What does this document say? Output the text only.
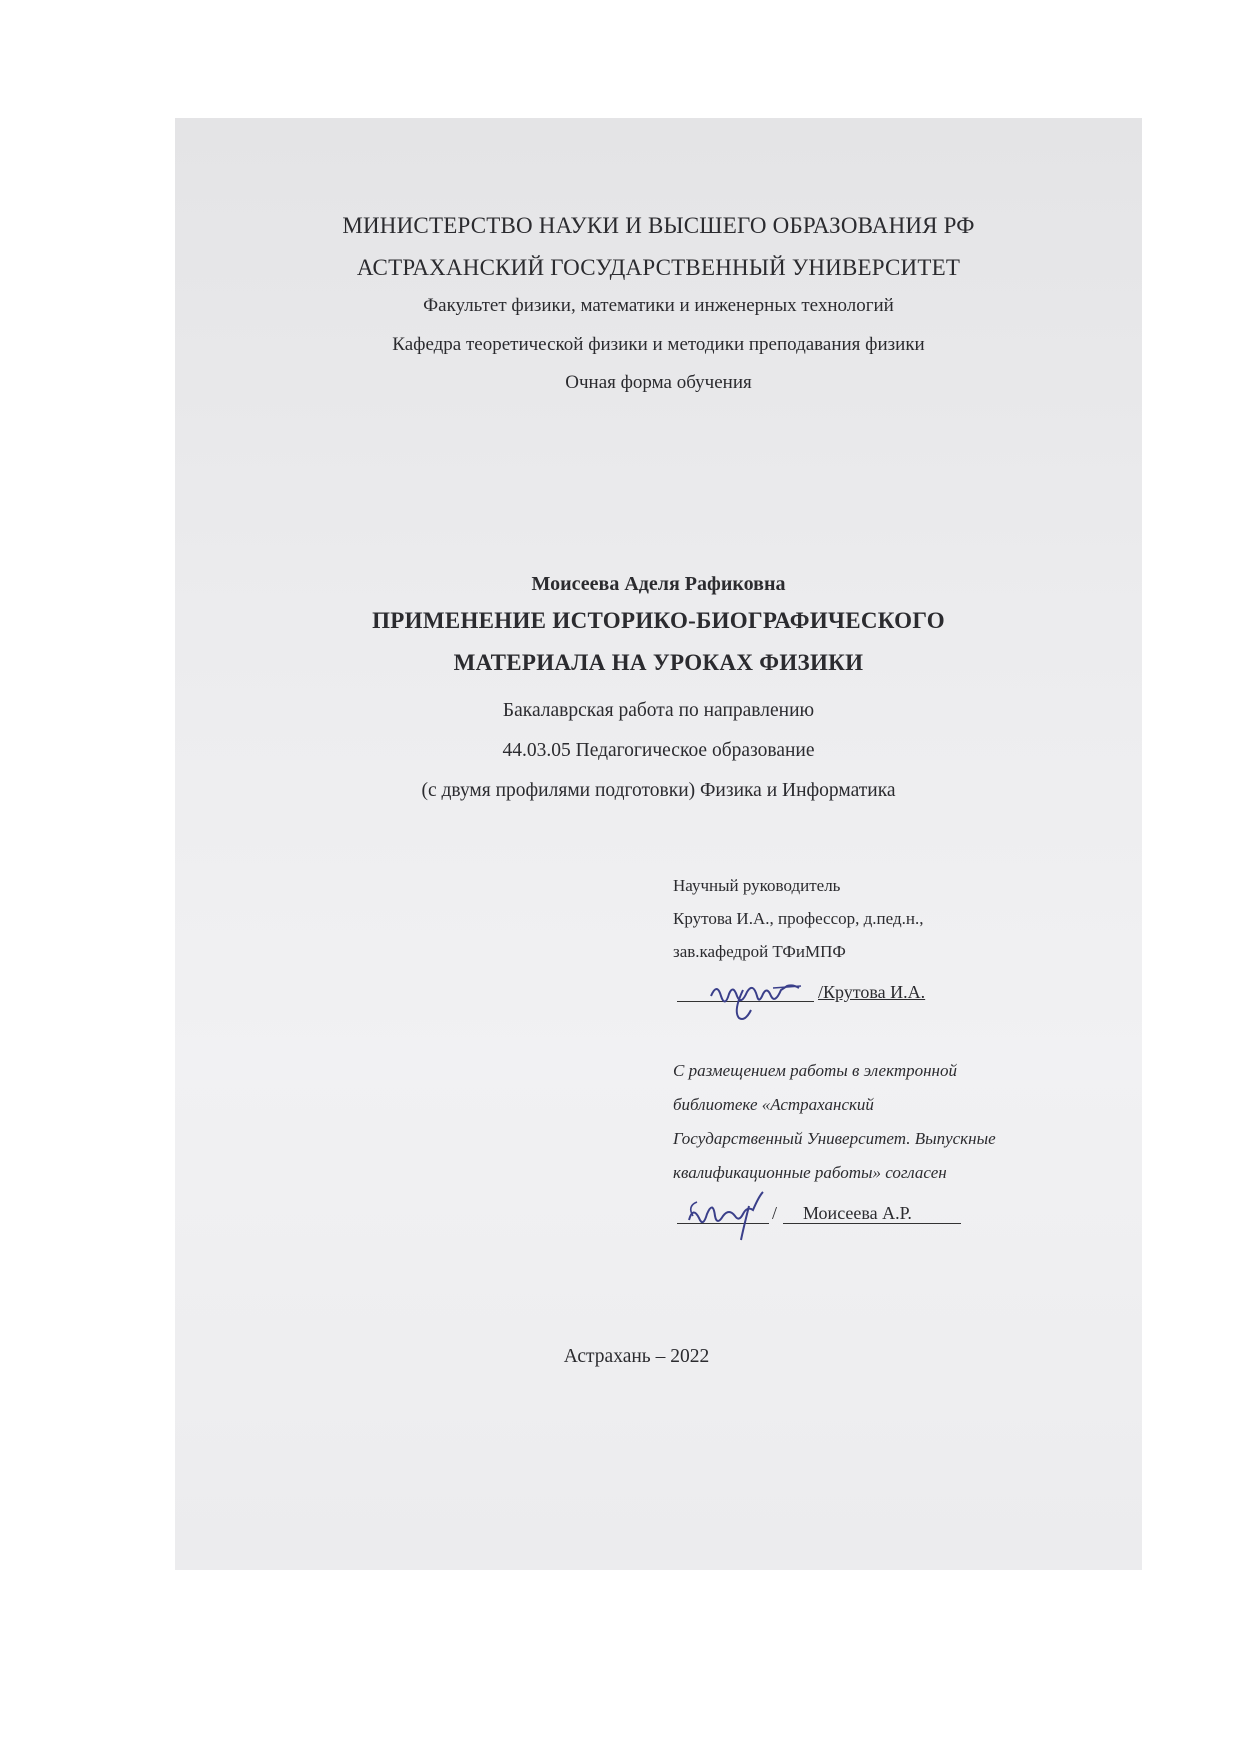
МИНИСТЕРСТВО НАУКИ И ВЫСШЕГО ОБРАЗОВАНИЯ РФ
АСТРАХАНСКИЙ ГОСУДАРСТВЕННЫЙ УНИВЕРСИТЕТ
Факультет физики, математики и инженерных технологий
Кафедра теоретической физики и методики преподавания физики
Очная форма обучения
Моисеева Аделя Рафиковна
ПРИМЕНЕНИЕ ИСТОРИКО-БИОГРАФИЧЕСКОГО
МАТЕРИАЛА НА УРОКАХ ФИЗИКИ
Бакалаврская работа по направлению
44.03.05 Педагогическое образование
(с двумя профилями подготовки) Физика и Информатика
Научный руководитель
Крутова И.А., профессор, д.пед.н.,
зав.кафедрой ТФиМПФ
/Крутова И.А.
С размещением работы в электронной
библиотеке «Астраханский
Государственный Университет. Выпускные
квалификационные работы» согласен
/ Моисеева А.Р.
Астрахань – 2022
